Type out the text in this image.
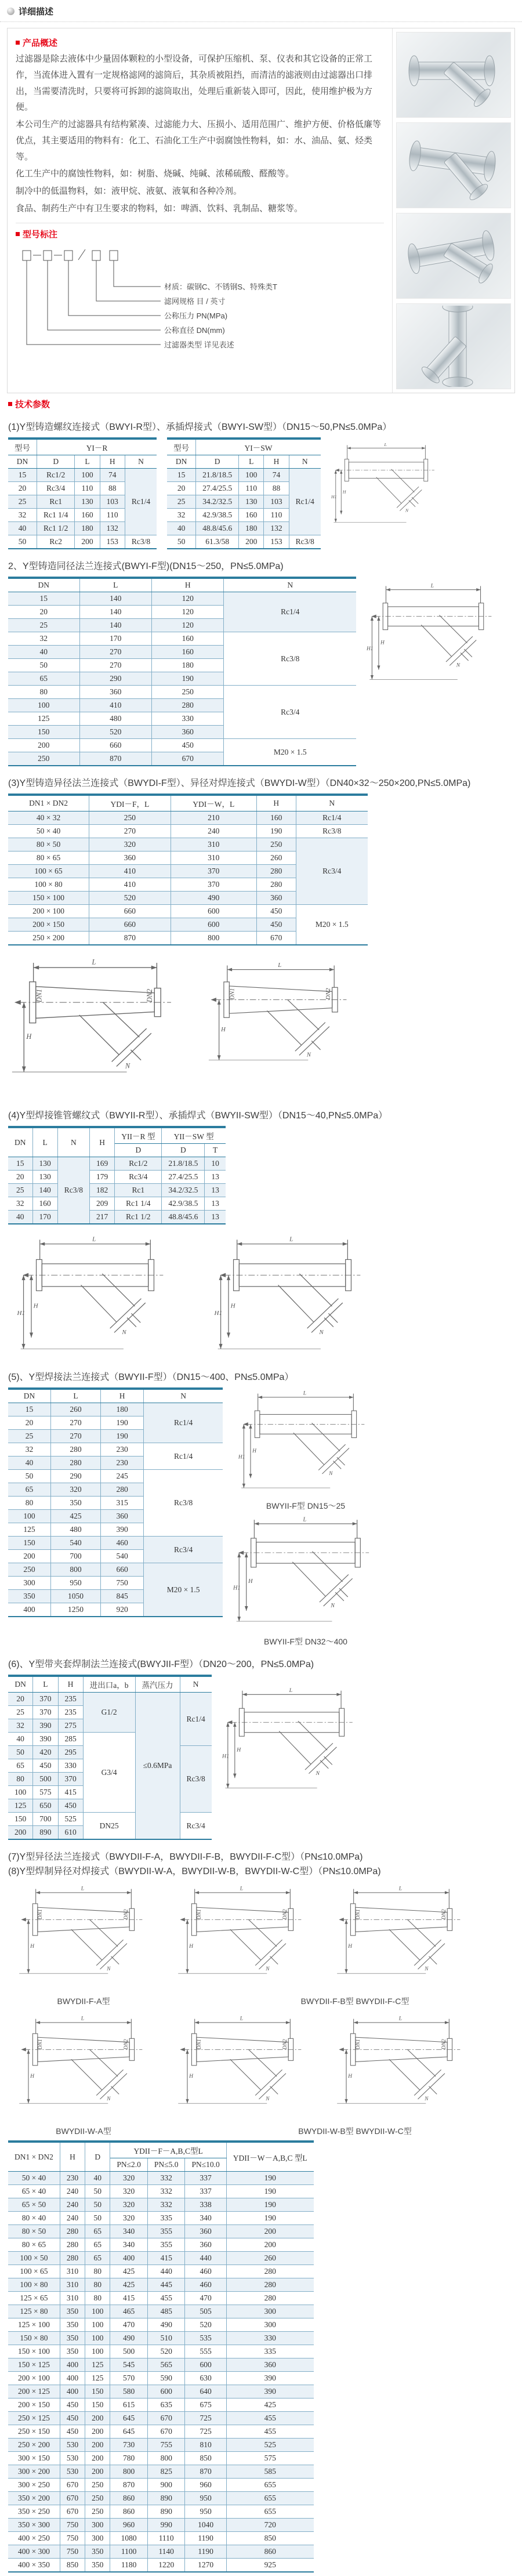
详细描述
产品概述

过滤器是除去液体中少量固体颗粒的小型设备，可保护压缩机、泵、仪表和其它设备的正常工作，当流体进入置有一定规格滤网的滤筒后，其杂质被阻挡，而清洁的滤液则由过滤器出口排出，当需要清洗时，只要将可拆卸的滤筒取出，处理后重新装入即可，因此，使用维护极为方便。

本公司生产的过滤器具有结构紧凑、过滤能力大、压损小、适用范围广、维护方便、价格低廉等优点，其主要适用的物料有：化工、石油化工生产中弱腐蚀性物料，如：水、油品、氨、烃类等。

化工生产中的腐蚀性物料，如：树脂、烧碱、纯碱、浓稀硫酸、醛酸等。

制冷中的低温物料，如：液甲烷、液氨、液氧和各种冷剂。

食品、制药生产中有卫生要求的物料，如：啤酒、饮料、乳制品、糖浆等。

型号标注
材质：碳钢C、不锈钢S、特殊类T
滤网规格 目 / 英寸
公称压力 PN(MPa)
公称直径 DN(mm)
过滤器类型 详见表述
技术参数
(1)Y型铸造螺纹连接式（BWYI-R型）、承插焊接式（BWYI-SW型）（DN15～50,PN≤5.0MPa）
型号	YI－R			
DN	D	L	H	N
15	Rc1/2	100	74	Rc1/4
20	Rc3/4	110	88	
25	Rc1	130	103	
32	Rc1 1/4	160	110	
40	Rc1 1/2	180	132	
50	Rc2	200	153	Rc3/8
型号	YI－SW			
DN	D	L	H	N
15	21.8/18.5	100	74	Rc1/4
20	27.4/25.5	110	88	
25	34.2/32.5	130	103	
32	42.9/38.5	160	110	
40	48.8/45.6	180	132	
50	61.3/58	200	153	Rc3/8
2、Y型铸造同径法兰连接式(BWYI-F型)(DN15～250，PN≤5.0MPa)
DN	L	H	N
15	140	120	Rc1/4
20	140	120	
25	140	120	
32	170	160	Rc3/8
40	270	160	
50	270	180	
65	290	190	
80	360	250	Rc3/4
100	410	280	
125	480	330	
150	520	360	
200	660	450	M20 × 1.5
250	870	670	
(3)Y型铸造异径法兰连接式（BWYDI-F型）、异径对焊连接式（BWYDI-W型）（DN40×32～250×200,PN≤5.0MPa)
DN1 × DN2	YDI－F，L	YDI－W，L	H	N
40 × 32	250	210	160	Rc1/4
50 × 40	270	240	190	Rc3/8
80 × 50	320	310	250	Rc3/4
80 × 65	360	310	260	
100 × 65	410	370	280	
100 × 80	410	370	280	
150 × 100	520	490	360	
200 × 100	660	600	450	M20 × 1.5
200 × 150	660	600	450	
250 × 200	870	800	670	
(4)Y型焊接锥管螺纹式（BWYII-R型）、承插焊式（BWYII-SW型）（DN15～40,PN≤5.0MPa）
DN	L	N	H	YII－R 型	YII－SW 型	
				D	D	T
15	130	Rc3/8	169	Rc1/2	21.8/18.5	10
20	130		179	Rc3/4	27.4/25.5	13
25	140		182	Rc1	34.2/32.5	13
32	160		209	Rc1 1/4	42.9/38.5	13
40	170		217	Rc1 1/2	48.8/45.6	13
(5)、Y型焊接法兰连接式（BWYII-F型）（DN15～400、PN≤5.0MPa）
DN	L	H	N
15	260	180	Rc1/4
20	270	190	
25	270	190	
32	280	230	Rc1/4
40	280	230	
50	290	245	Rc3/8
65	320	280	
80	350	315	
100	425	360	
125	480	390	
150	540	460	Rc3/4
200	700	540	
250	800	660	M20 × 1.5
300	950	750	
350	1050	845	
400	1250	920	
BWYII-F型 DN15～25
BWYII-F型 DN32～400
(6)、Y型带夹套焊制法兰连接式(BWYJII-F型）（DN20～200，PN≤5.0MPa)
DN	L	H	进出口a，b	蒸汽压力	N
20	370	235	G1/2	≤0.6MPa	Rc1/4
25	370	235			
32	390	275			
40	390	285	G3/4		
50	420	295			Rc3/8
65	450	330			
80	500	370			
100	575	415			
125	650	450			
150	700	525	DN25		Rc3/4
200	890	610			
(7)Y型异径法兰连接式（BWYDII-F-A，BWYDII-F-B，BWYDII-F-C型）（PN≤10.0MPa)
(8)Y型焊制异径对焊接式（BWYDII-W-A，BWYDII-W-B，BWYDII-W-C型）（PN≤10.0MPa)
BWYDII-F-A型	BWYDII-F-B型 BWYDII-F-C型
BWYDII-W-A型	BWYDII-W-B型 BWYDII-W-C型
DN1 × DN2	H	D	YDII－F－A,B,C型L			YDII－W－A,B,C 型L
			PN≤2.0	PN≤5.0	PN≤10.0	
50 × 40	230	40	320	332	337	190
65 × 40	240	50	320	332	337	190
65 × 50	240	50	320	332	338	190
80 × 40	240	50	320	335	340	190
80 × 50	280	65	340	355	360	200
80 × 65	280	65	340	355	360	200
100 × 50	280	65	400	415	440	260
100 × 65	310	80	425	440	460	280
100 × 80	310	80	425	445	460	280
125 × 65	310	80	415	455	470	280
125 × 80	350	100	465	485	505	300
125 × 100	350	100	470	490	520	300
150 × 80	350	100	490	510	535	330
150 × 100	350	100	500	520	555	335
150 × 125	400	125	545	565	600	360
200 × 100	400	125	570	590	630	390
200 × 125	400	150	580	600	640	390
200 × 150	450	150	615	635	675	425
250 × 125	450	200	645	670	725	455
250 × 150	450	200	645	670	725	455
250 × 200	530	200	730	755	810	525
300 × 150	530	200	780	800	850	575
300 × 200	530	200	800	825	870	585
300 × 250	670	250	870	900	960	655
350 × 200	670	250	860	890	950	655
350 × 250	670	250	860	890	950	655
350 × 300	750	300	960	990	1040	720
400 × 250	750	300	1080	1110	1190	850
400 × 300	750	350	1100	1140	1190	860
400 × 350	850	350	1180	1220	1270	925
